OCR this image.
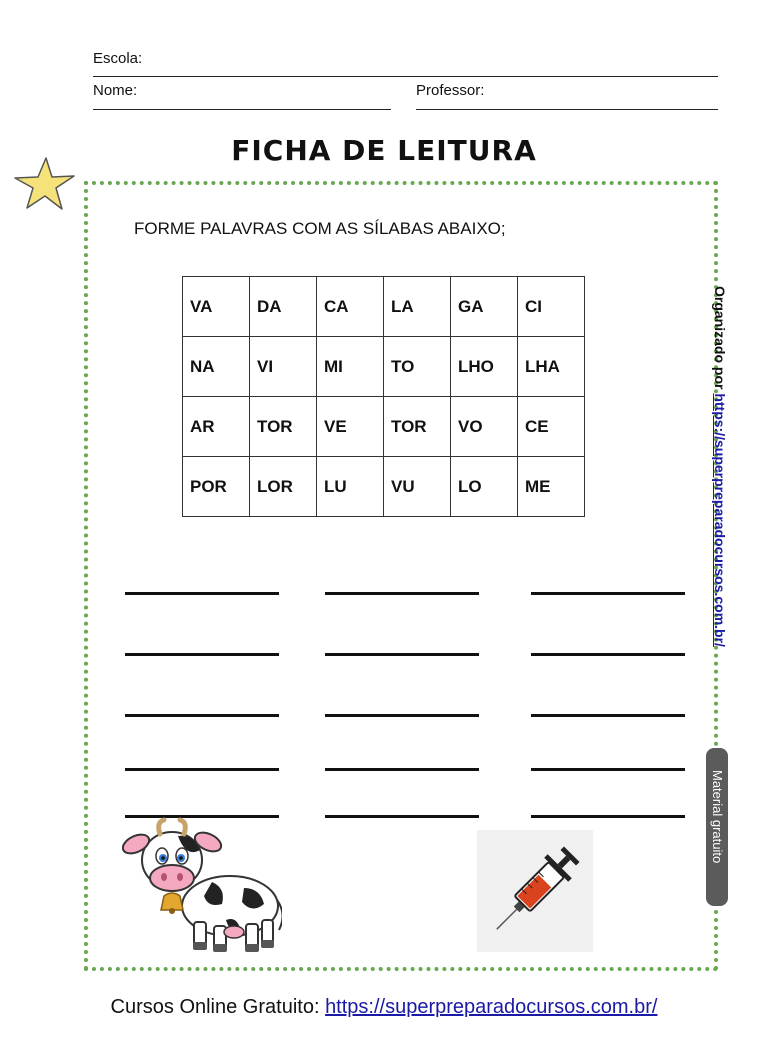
Escola:
Nome:	Professor:
FICHA DE LEITURA
FORME PALAVRAS COM AS SÍLABAS ABAIXO;
VA	DA	CA	LA	GA	CI
NA	VI	MI	TO	LHO	LHA
AR	TOR	VE	TOR	VO	CE
POR	LOR	LU	VU	LO	ME
Organizado por https://superpreparadocursos.com.br/
Material gratuito
Cursos Online Gratuito: https://superpreparadocursos.com.br/
